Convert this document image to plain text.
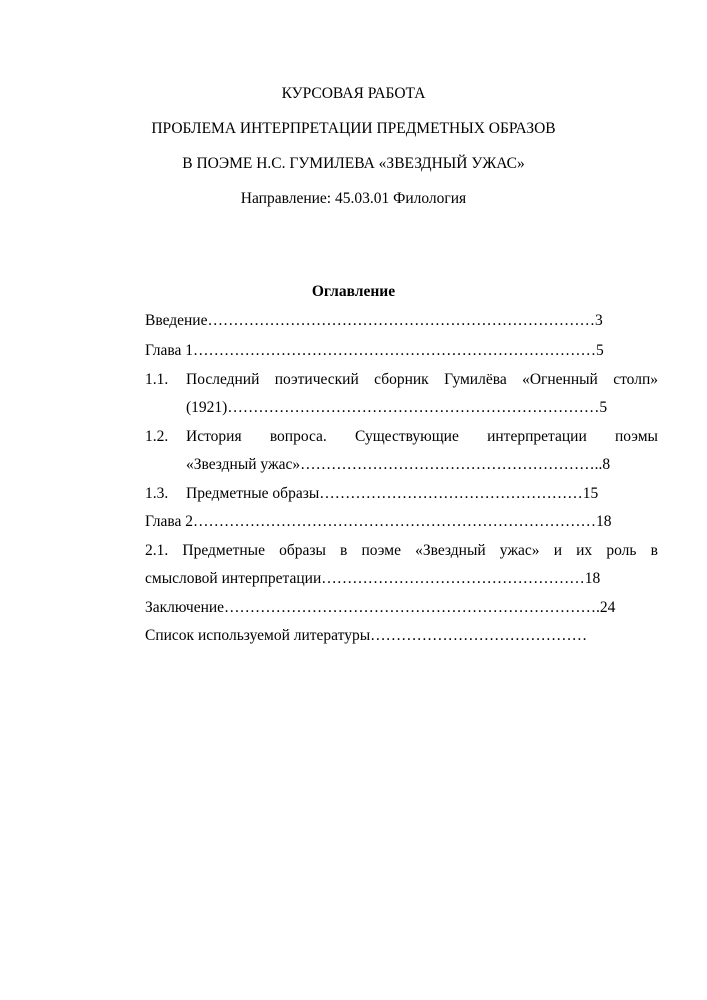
КУРСОВАЯ РАБОТА
ПРОБЛЕМА ИНТЕРПРЕТАЦИИ ПРЕДМЕТНЫХ ОБРАЗОВ
В ПОЭМЕ Н.С. ГУМИЛЕВА «ЗВЕЗДНЫЙ УЖАС»
Направление: 45.03.01 Филология
Оглавление
Введение…………………………………………………………………3
Глава 1……………………………………………………………………5
1.1. Последний поэтический сборник Гумилёва «Огненный столп»
(1921)………………………………………………………………5
1.2. История вопроса. Существующие интерпретации поэмы
«Звездный ужас»…………………………………………………..8
1.3. Предметные образы……………………………………………15
Глава 2……………………………………………………………………18
2.1. Предметные образы в поэме «Звездный ужас» и их роль в
смысловой интерпретации……………………………………………18
Заключение……………………………………………………………….24
Список используемой литературы……………………………………
